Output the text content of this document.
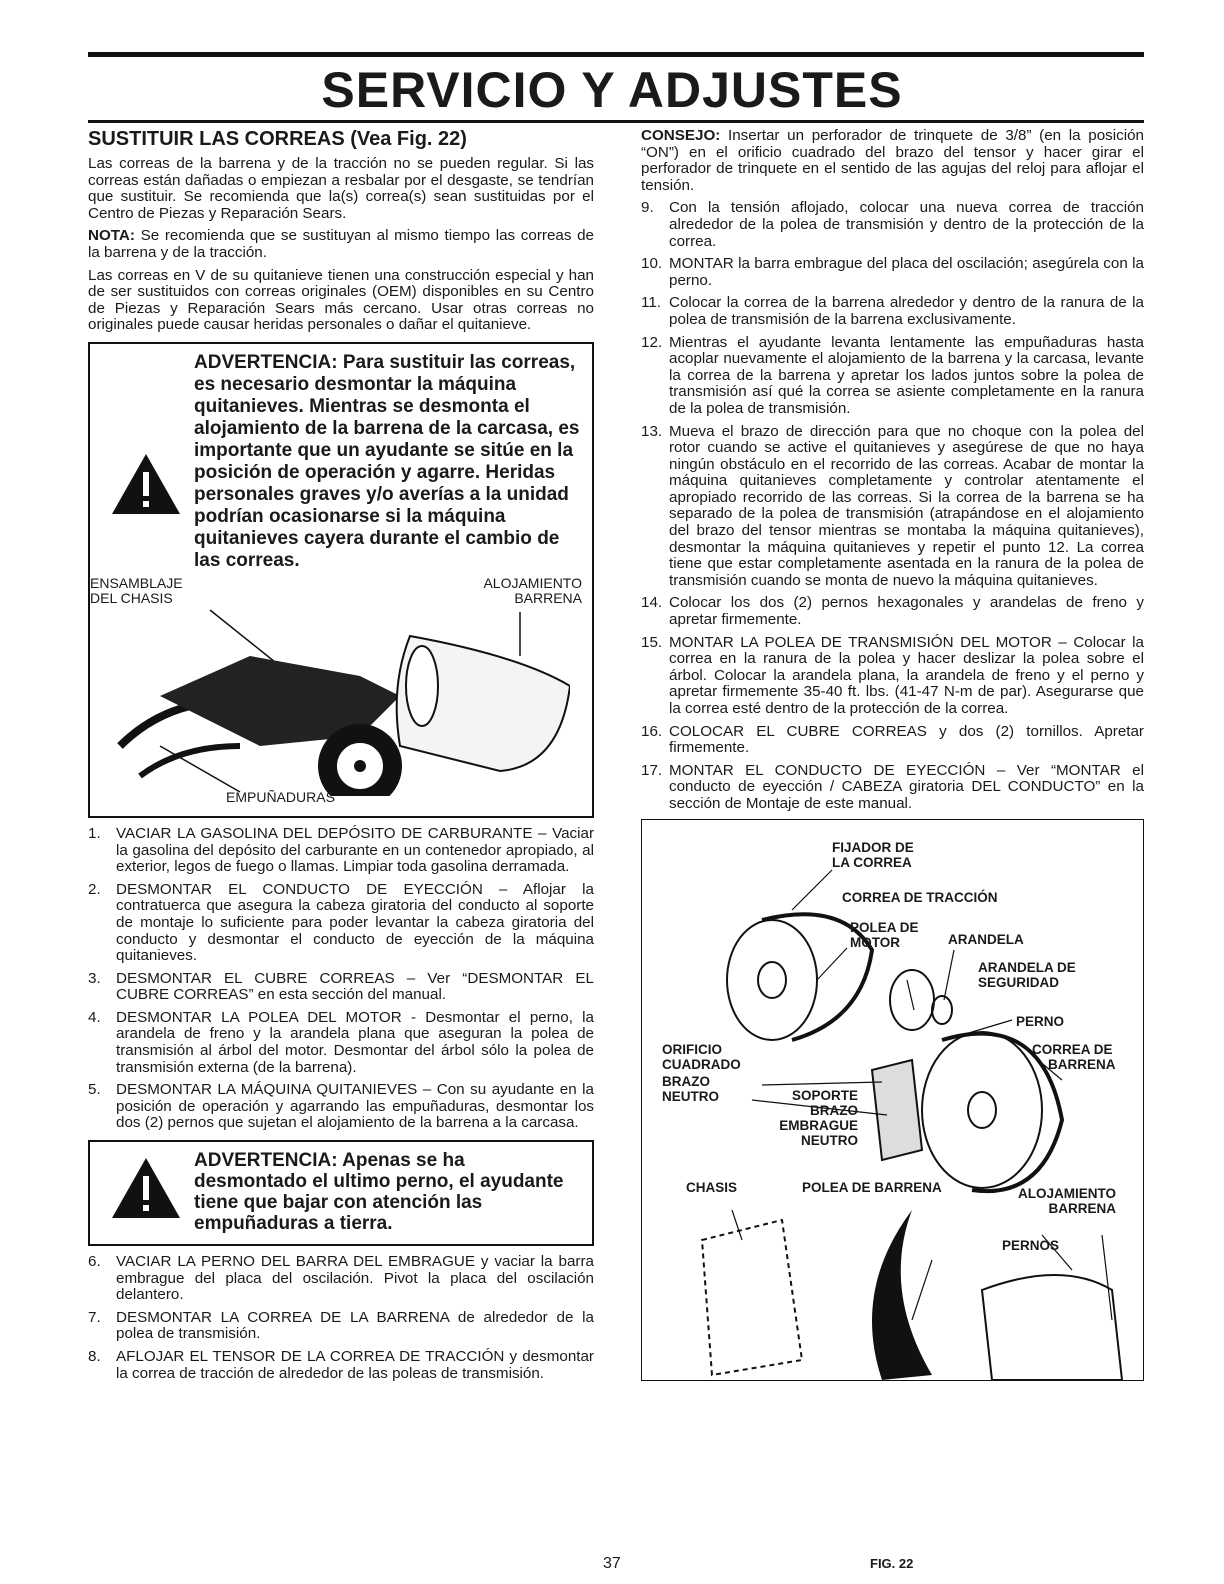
SERVICIO Y ADJUSTES
SUSTITUIR LAS CORREAS (Vea Fig. 22)

Las correas de la barrena y de la tracción no se pueden regular. Si las correas están dañadas o empiezan a resbalar por el desgaste, se tendrían que sustituir. Se recomienda que la(s) correa(s) sean sustituidas por el Centro de Piezas y Reparación Sears.

NOTA: Se recomienda que se sustituyan al mismo tiempo las correas de la barrena y de la tracción.

Las correas en V de su quitanieve tienen una construcción especial y han de ser sustituidos con correas originales (OEM) disponibles en su Centro de Piezas y Reparación Sears más cercano. Usar otras correas no originales puede causar heridas personales o dañar el quitanieve.

ADVERTENCIA: Para sustituir las correas, es necesario desmontar la máquina quitanieves. Mientras se desmonta el alojamiento de la barrena de la carcasa, es importante que un ayudante se sitúe en la posición de operación y agarre. Heridas personales graves y/o averías a la unidad podrían ocasionarse si la máquina quitanieves cayera durante el cambio de las correas.
ENSAMBLAJE
DEL CHASIS
ALOJAMIENTO
BARRENA
EMPUÑADURAS
1. VACIAR LA GASOLINA DEL DEPÓSITO DE CARBURANTE – Vaciar la gasolina del depósito del carburante en un contenedor apropiado, al exterior, legos de fuego o llamas. Limpiar toda gasolina derramada.
2. DESMONTAR EL CONDUCTO DE EYECCIÓN – Aflojar la contratuerca que asegura la cabeza giratoria del conducto al soporte de montaje lo suficiente para poder levantar la cabeza giratoria del conducto y desmontar el conducto de eyección de la máquina quitanieves.
3. DESMONTAR EL CUBRE CORREAS – Ver “DESMONTAR EL CUBRE CORREAS” en esta sección del manual.
4. DESMONTAR LA POLEA DEL MOTOR - Desmontar el perno, la arandela de freno y la arandela plana que aseguran la polea de transmisión al árbol del motor. Desmontar del árbol sólo la polea de transmisión externa (de la barrena).
5. DESMONTAR LA MÁQUINA QUITANIEVES – Con su ayudante en la posición de operación y agarrando las empuñaduras, desmontar los dos (2) pernos que sujetan el alojamiento de la barrena a la carcasa.
ADVERTENCIA: Apenas se ha desmontado el ultimo perno, el ayudante tiene que bajar con atención las empuñaduras a tierra.
6. VACIAR LA PERNO DEL BARRA DEL EMBRAGUE y vaciar la barra embrague del placa del oscilación. Pivot la placa del oscilación delantero.
7. DESMONTAR LA CORREA DE LA BARRENA de alrededor de la polea de transmisión.
8. AFLOJAR EL TENSOR DE LA CORREA DE TRACCIÓN y desmontar la correa de tracción de alrededor de las poleas de transmisión.

CONSEJO: Insertar un perforador de trinquete de 3/8” (en la posición “ON”) en el orificio cuadrado del brazo del tensor y hacer girar el perforador de trinquete en el sentido de las agujas del reloj para aflojar el tensión.

9. Con la tensión aflojado, colocar una nueva correa de tracción alrededor de la polea de transmisión y dentro de la protección de la correa.
10. MONTAR la barra embrague del placa del oscilación; asegúrela con la perno.
11. Colocar la correa de la barrena alrededor y dentro de la ranura de la polea de transmisión de la barrena exclusivamente.
12. Mientras el ayudante levanta lentamente las empuñaduras hasta acoplar nuevamente el alojamiento de la barrena y la carcasa, levante la correa de la barrena y apretar los lados juntos sobre la polea de transmisión así qué la correa se asiente completamente en la ranura de la polea de transmisión.
13. Mueva el brazo de dirección para que no choque con la polea del rotor cuando se active el quitanieves y asegúrese de que no haya ningún obstáculo en el recorrido de las correas. Acabar de montar la máquina quitanieves completamente y controlar atentamente el apropiado recorrido de las correas. Si la correa de la barrena se ha separado de la polea de transmisión (atrapándose en el alojamiento del brazo del tensor mientras se montaba la máquina quitanieves), desmontar la máquina quitanieves y repetir el punto 12. La correa tiene que estar completamente asentada en la ranura de la polea de transmisión cuando se monta de nuevo la máquina quitanieves.
14. Colocar los dos (2) pernos hexagonales y arandelas de freno y apretar firmemente.
15. MONTAR LA POLEA DE TRANSMISIÓN DEL MOTOR – Colocar la correa en la ranura de la polea y hacer deslizar la polea sobre el árbol. Colocar la arandela plana, la arandela de freno y el perno y apretar firmemente 35-40 ft. lbs. (41-47 N-m de par). Asegurarse que la correa esté dentro de la protección de la correa.
16. COLOCAR EL CUBRE CORREAS y dos (2) tornillos. Apretar firmemente.
17. MONTAR EL CONDUCTO DE EYECCIÓN – Ver “MONTAR el conducto de eyección / CABEZA giratoria DEL CONDUCTO” en la sección de Montaje de este manual.
FIJADOR DE
LA CORREA
CORREA DE TRACCIÓN
POLEA DE
MOTOR	ARANDELA
ARANDELA DE
SEGURIDAD
PERNO
ORIFICIO
CUADRADO
BRAZO
NEUTRO	SOPORTE
BRAZO
EMBRAGUE
NEUTRO
CORREA DE
BARRENA
CHASIS	POLEA DE BARRENA	ALOJAMIENTO
BARRENA
PERNOS
37	FIG. 22
